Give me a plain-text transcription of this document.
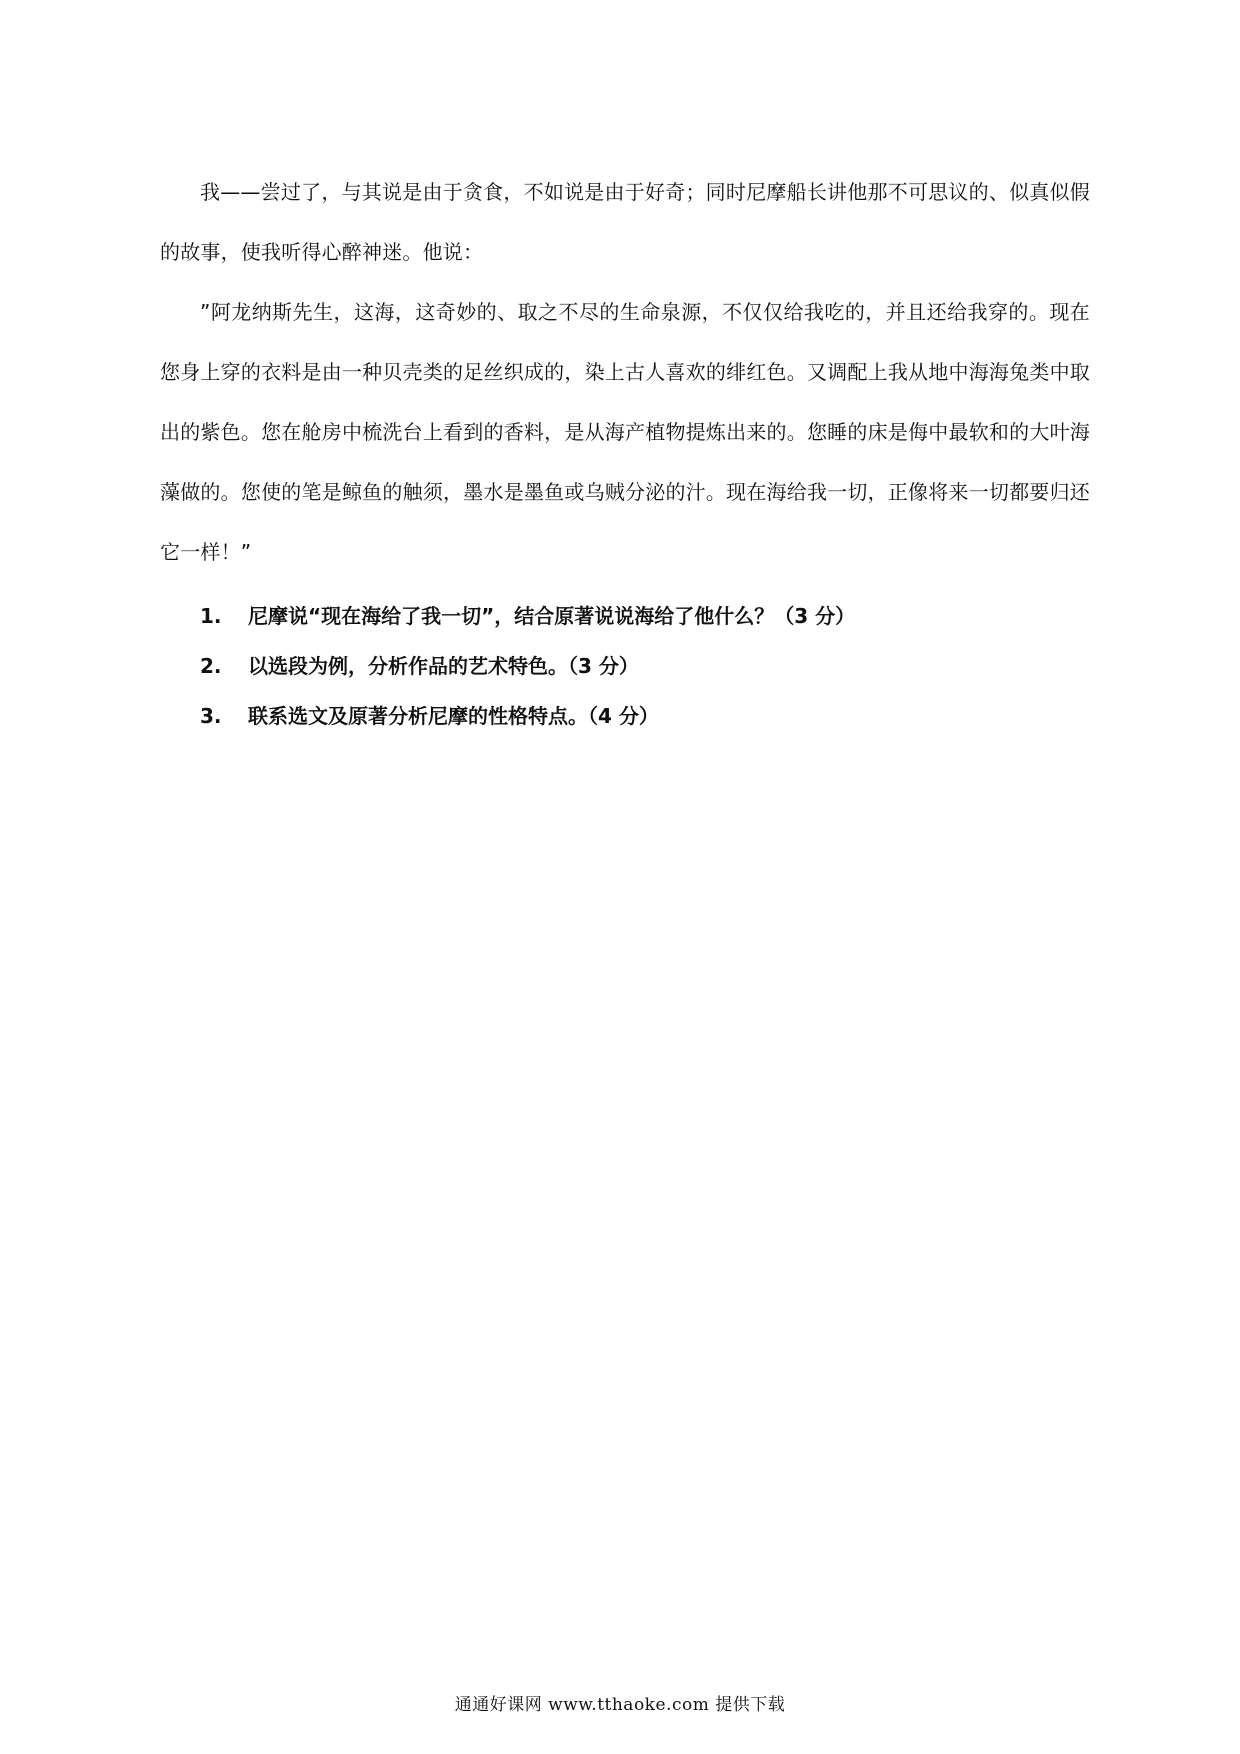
我——尝过了，与其说是由于贪食，不如说是由于好奇；同时尼摩船长讲他那不可思议的、似真似假的故事，使我听得心醉神迷。他说：

”阿龙纳斯先生，这海，这奇妙的、取之不尽的生命泉源，不仅仅给我吃的，并且还给我穿的。现在您身上穿的衣料是由一种贝壳类的足丝织成的，染上古人喜欢的绯红色。又调配上我从地中海海兔类中取出的紫色。您在舱房中梳洗台上看到的香料，是从海产植物提炼出来的。您睡的床是侮中最软和的大叶海藻做的。您使的笔是鲸鱼的触须，墨水是墨鱼或乌贼分泌的汁。现在海给我一切，正像将来一切都要归还它一样！”

1.	尼摩说“现在海给了我一切”，结合原著说说海给了他什么？（3 分）
2.	以选段为例，分析作品的艺术特色。（3 分）
3.	联系选文及原著分析尼摩的性格特点。（4 分）
通通好课网 www.tthaoke.com 提供下载
